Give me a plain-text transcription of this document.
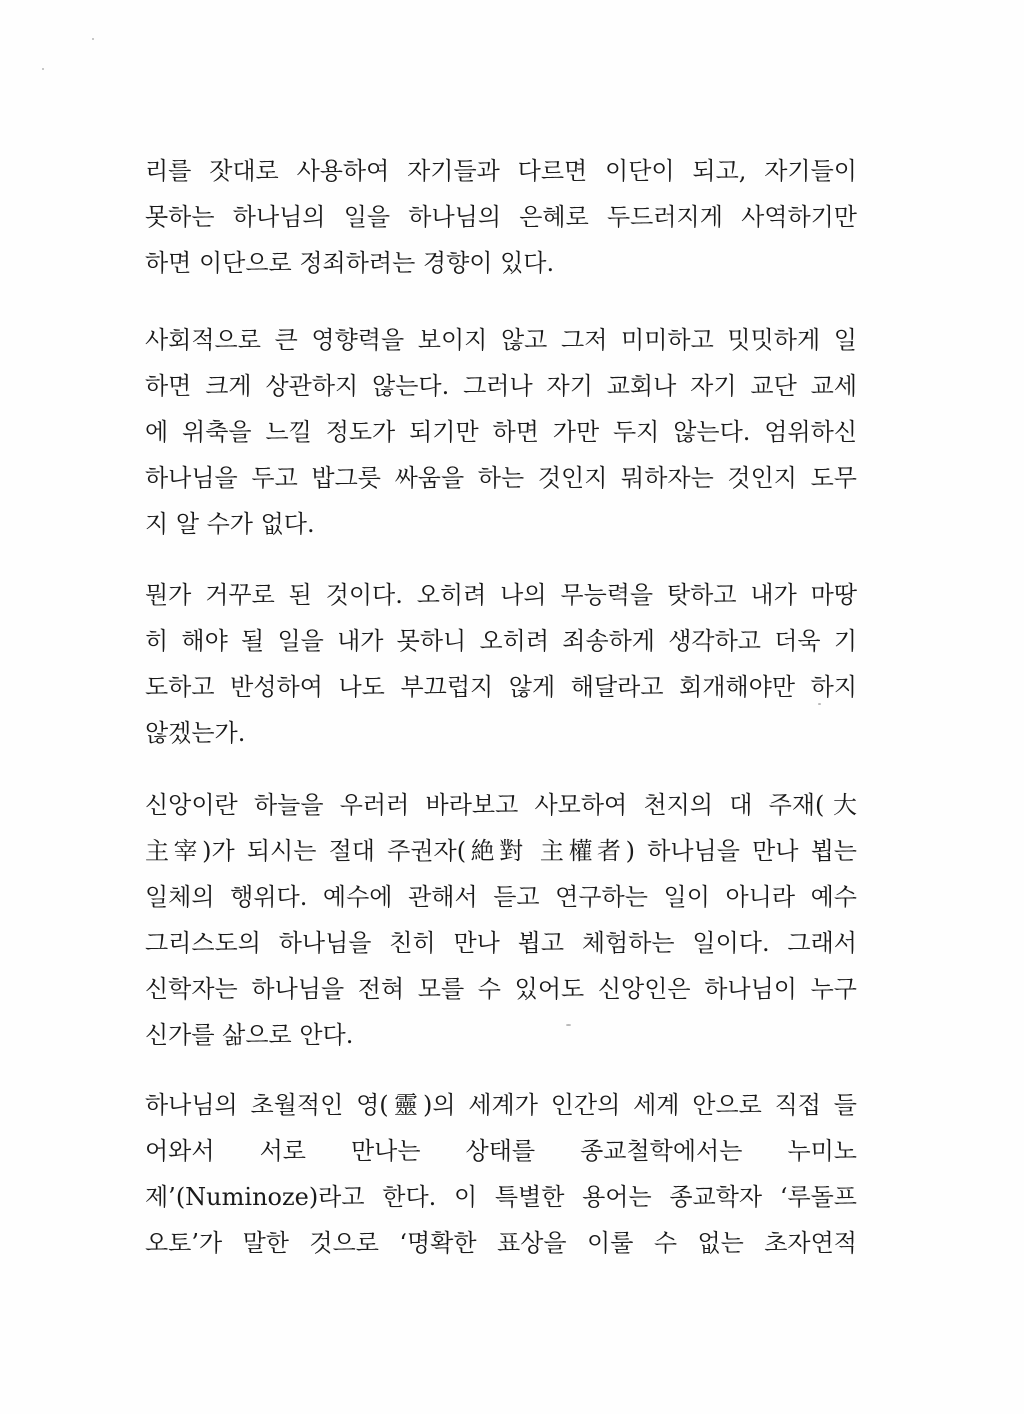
리를 잣대로 사용하여 자기들과 다르면 이단이 되고, 자기들이
못하는 하나님의 일을 하나님의 은혜로 두드러지게 사역하기만
하면 이단으로 정죄하려는 경향이 있다.
사회적으로 큰 영향력을 보이지 않고 그저 미미하고 밋밋하게 일
하면 크게 상관하지 않는다. 그러나 자기 교회나 자기 교단 교세
에 위축을 느낄 정도가 되기만 하면 가만 두지 않는다. 엄위하신
하나님을 두고 밥그릇 싸움을 하는 것인지 뭐하자는 것인지 도무
지 알 수가 없다.
뭔가 거꾸로 된 것이다. 오히려 나의 무능력을 탓하고 내가 마땅
히 해야 될 일을 내가 못하니 오히려 죄송하게 생각하고 더욱 기
도하고 반성하여 나도 부끄럽지 않게 해달라고 회개해야만 하지
않겠는가.
신앙이란 하늘을 우러러 바라보고 사모하여 천지의 대 주재(大
主宰)가 되시는 절대 주권자(絶對 主權者) 하나님을 만나 뵙는
일체의 행위다. 예수에 관해서 듣고 연구하는 일이 아니라 예수
그리스도의 하나님을 친히 만나 뵙고 체험하는 일이다. 그래서
신학자는 하나님을 전혀 모를 수 있어도 신앙인은 하나님이 누구
신가를 삶으로 안다.
하나님의 초월적인 영(靈)의 세계가 인간의 세계 안으로 직접 들
어와서 서로 만나는 상태를 종교철학에서는 누미노
제’(Numinoze)라고 한다. 이 특별한 용어는 종교학자 ‘루돌프
오토’가 말한 것으로 ‘명확한 표상을 이룰 수 없는 초자연적
